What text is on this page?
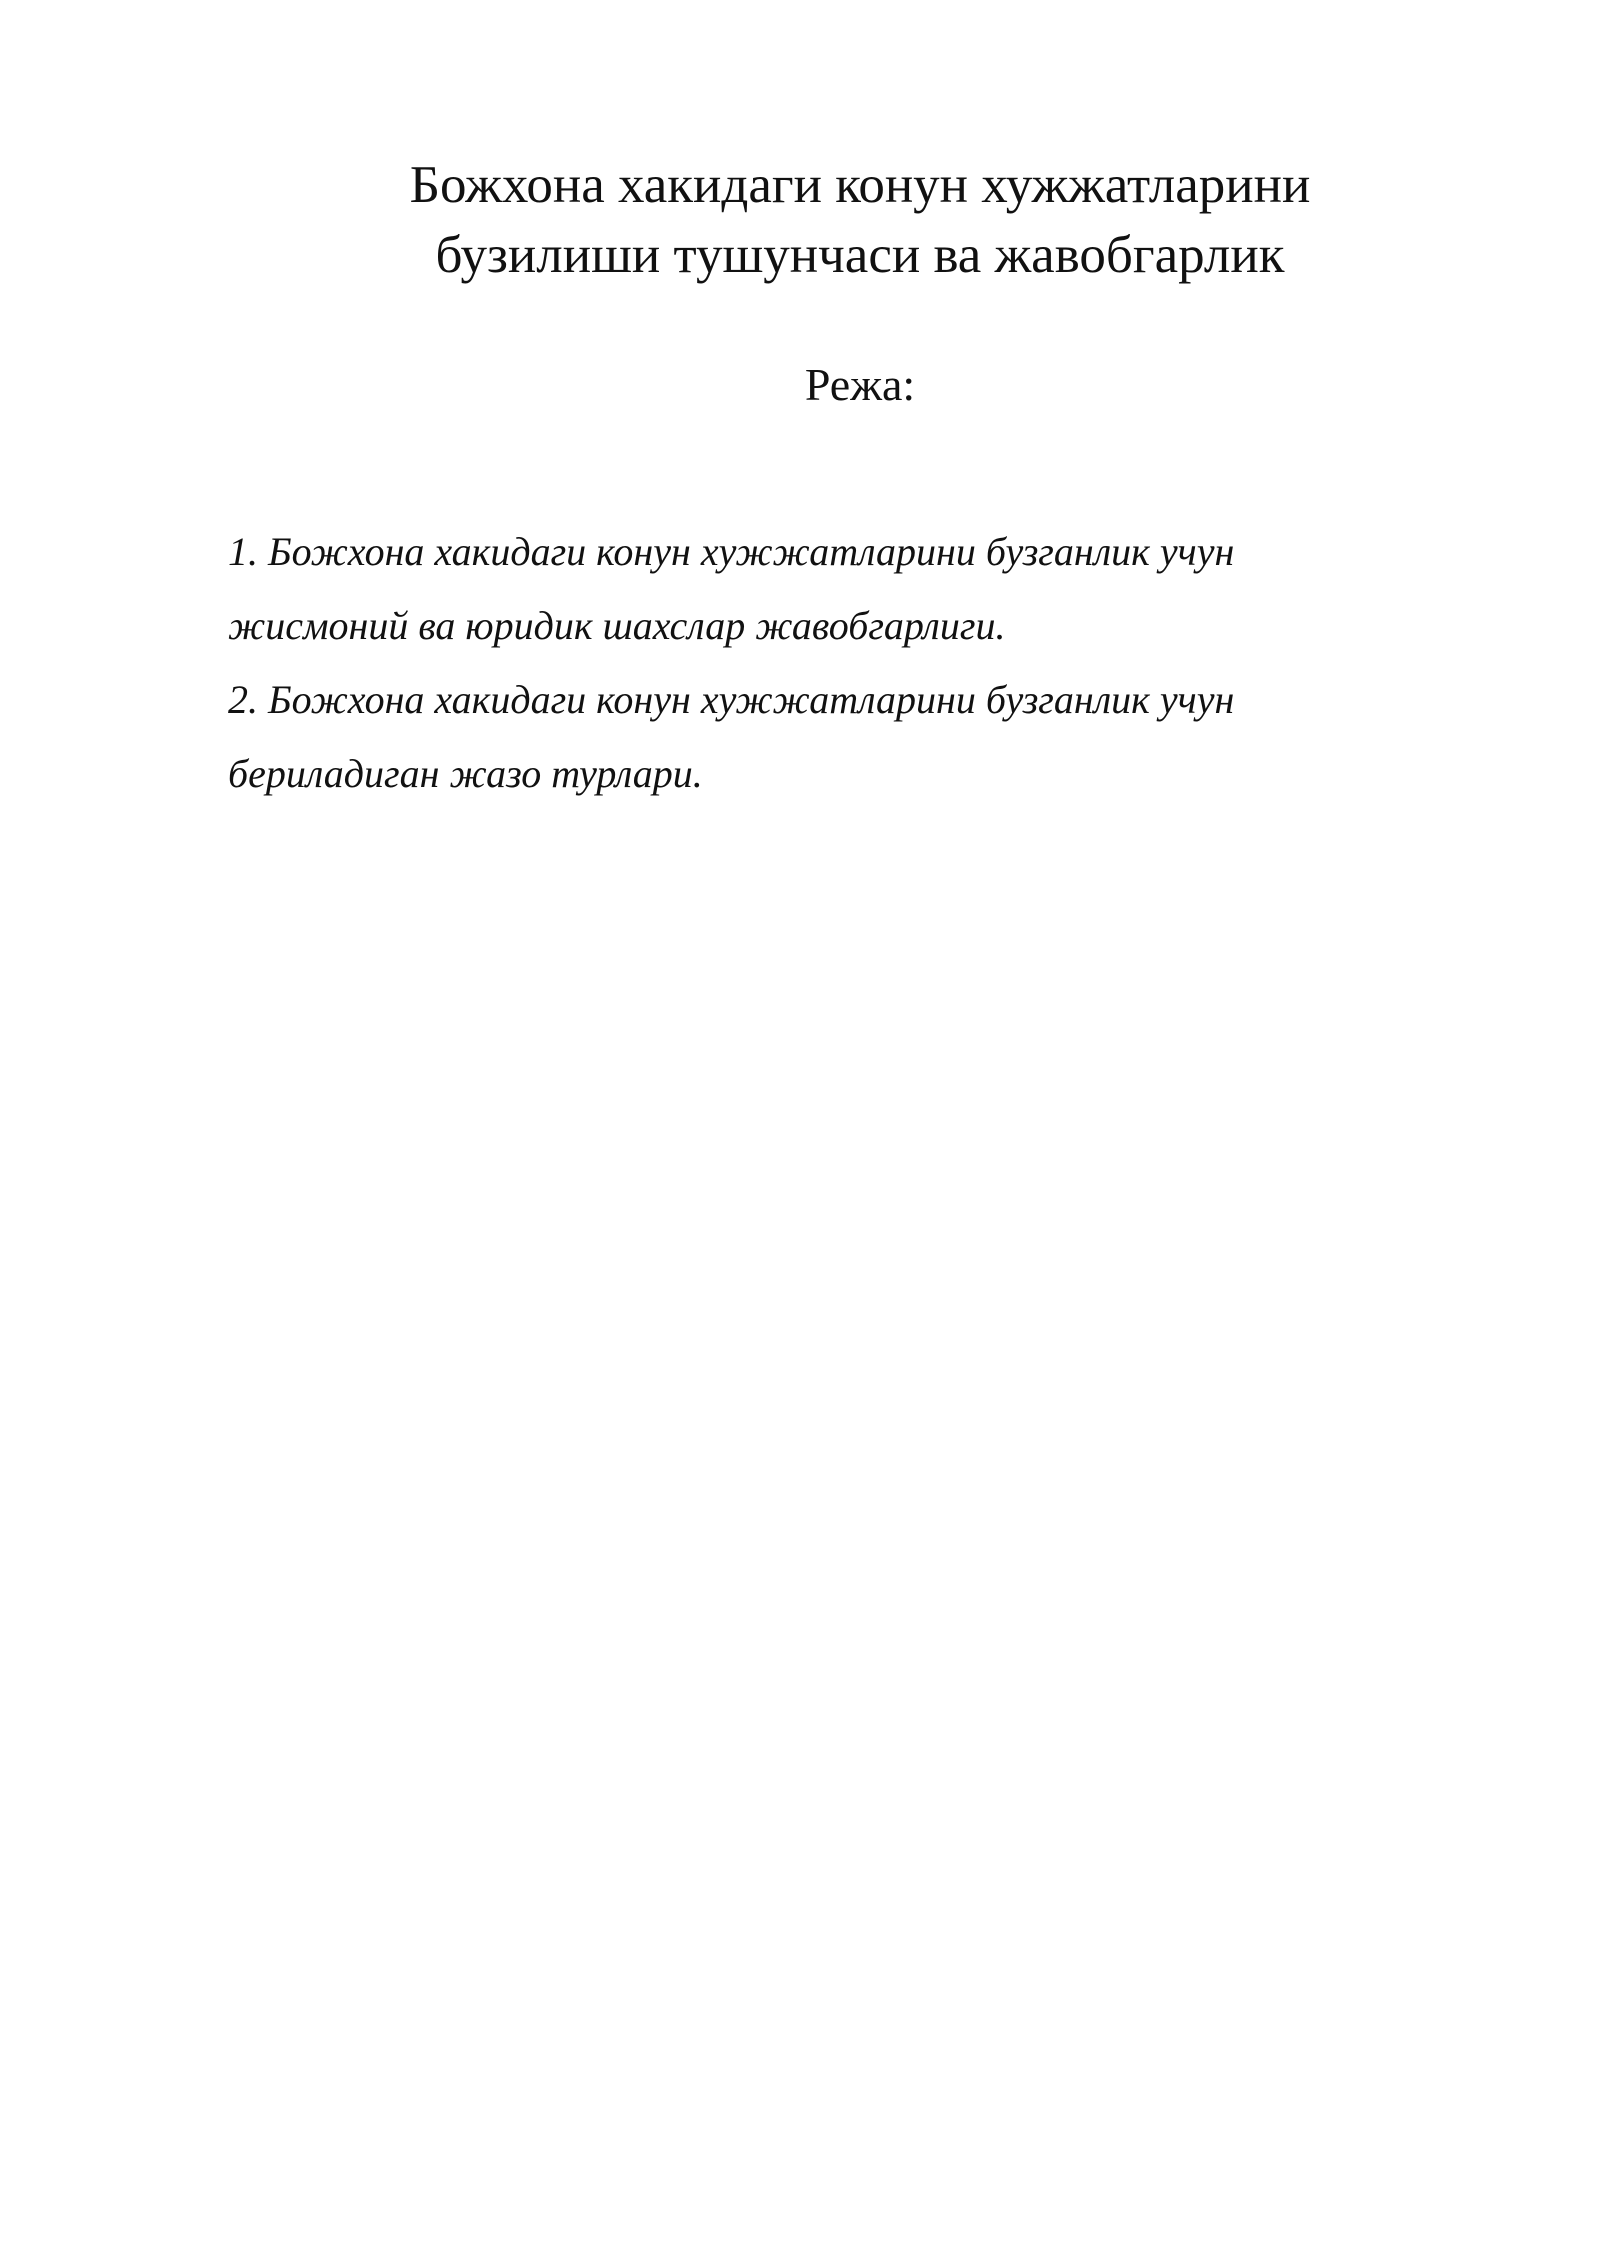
Божхона хакидаги конун хужжатларини
бузилиши тушунчаси ва жавобгарлик

Режа:

1. Божхона хакидаги конун хужжатларини бузганлик учун
жисмоний ва юридик шахслар жавобгарлиги.
2. Божхона хакидаги конун хужжатларини бузганлик учун
бериладиган жазо турлари.
